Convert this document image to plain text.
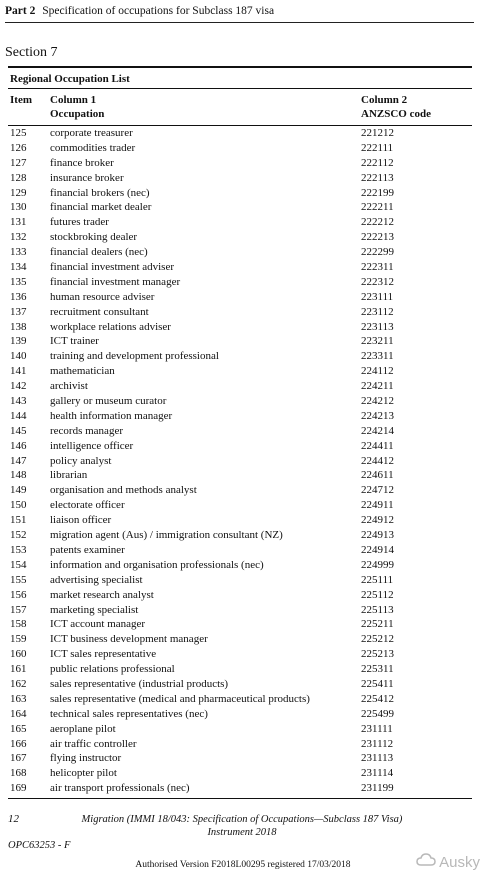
Part 2 Specification of occupations for Subclass 187 visa
Section 7
Regional Occupation List
Item	Column 1	Column 2
Occupation	ANZSCO code
125	corporate treasurer	221212
126	commodities trader	222111
127	finance broker	222112
128	insurance broker	222113
129	financial brokers (nec)	222199
130	financial market dealer	222211
131	futures trader	222212
132	stockbroking dealer	222213
133	financial dealers (nec)	222299
134	financial investment adviser	222311
135	financial investment manager	222312
136	human resource adviser	223111
137	recruitment consultant	223112
138	workplace relations adviser	223113
139	ICT trainer	223211
140	training and development professional	223311
141	mathematician	224112
142	archivist	224211
143	gallery or museum curator	224212
144	health information manager	224213
145	records manager	224214
146	intelligence officer	224411
147	policy analyst	224412
148	librarian	224611
149	organisation and methods analyst	224712
150	electorate officer	224911
151	liaison officer	224912
152	migration agent (Aus) / immigration consultant (NZ)	224913
153	patents examiner	224914
154	information and organisation professionals (nec)	224999
155	advertising specialist	225111
156	market research analyst	225112
157	marketing specialist	225113
158	ICT account manager	225211
159	ICT business development manager	225212
160	ICT sales representative	225213
161	public relations professional	225311
162	sales representative (industrial products)	225411
163	sales representative (medical and pharmaceutical products)	225412
164	technical sales representatives (nec)	225499
165	aeroplane pilot	231111
166	air traffic controller	231112
167	flying instructor	231113
168	helicopter pilot	231114
169	air transport professionals (nec)	231199
12	Migration (IMMI 18/043: Specification of Occupations—Subclass 187 Visa)
Instrument 2018
OPC63253 - F
Authorised Version F2018L00295 registered 17/03/2018	Ausky
